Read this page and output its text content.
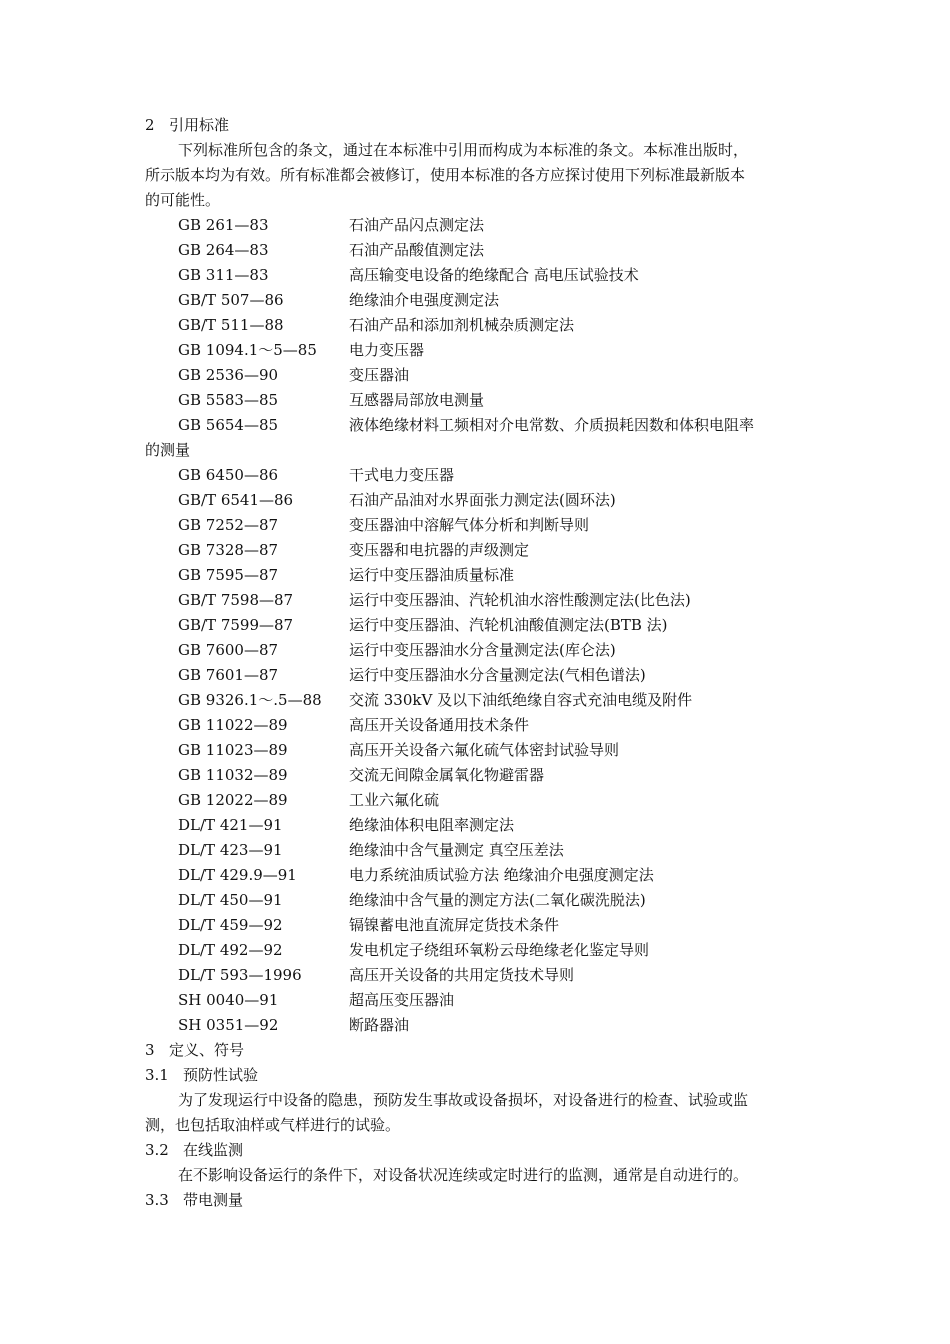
2 引用标准
下列标准所包含的条文，通过在本标准中引用而构成为本标准的条文。本标准出版时，
所示版本均为有效。所有标准都会被修订，使用本标准的各方应探讨使用下列标准最新版本
的可能性。
GB 261—83	石油产品闪点测定法
GB 264—83	石油产品酸值测定法
GB 311—83	高压输变电设备的绝缘配合 高电压试验技术
GB/T 507—86	绝缘油介电强度测定法
GB/T 511—88	石油产品和添加剂机械杂质测定法
GB 1094.1～5—85 电力变压器
GB 2536—90	变压器油
GB 5583—85	互感器局部放电测量
GB 5654—85	液体绝缘材料工频相对介电常数、介质损耗因数和体积电阻率
的测量
GB 6450—86	干式电力变压器
GB/T 6541—86	石油产品油对水界面张力测定法(圆环法)
GB 7252—87	变压器油中溶解气体分析和判断导则
GB 7328—87	变压器和电抗器的声级测定
GB 7595—87	运行中变压器油质量标准
GB/T 7598—87	运行中变压器油、汽轮机油水溶性酸测定法(比色法)
GB/T 7599—87	运行中变压器油、汽轮机油酸值测定法(BTB 法)
GB 7600—87	运行中变压器油水分含量测定法(库仑法)
GB 7601—87	运行中变压器油水分含量测定法(气相色谱法)
GB 9326.1～.5—88 交流 330kV 及以下油纸绝缘自容式充油电缆及附件
GB 11022—89	高压开关设备通用技术条件
GB 11023—89	高压开关设备六氟化硫气体密封试验导则
GB 11032—89	交流无间隙金属氧化物避雷器
GB 12022—89	工业六氟化硫
DL/T 421—91	绝缘油体积电阻率测定法
DL/T 423—91	绝缘油中含气量测定 真空压差法
DL/T 429.9—91	电力系统油质试验方法 绝缘油介电强度测定法
DL/T 450—91	绝缘油中含气量的测定方法(二氧化碳洗脱法)
DL/T 459—92	镉镍蓄电池直流屏定货技术条件
DL/T 492—92	发电机定子绕组环氧粉云母绝缘老化鉴定导则
DL/T 593—1996	高压开关设备的共用定货技术导则
SH 0040—91	超高压变压器油
SH 0351—92	断路器油
3 定义、符号
3.1 预防性试验
为了发现运行中设备的隐患，预防发生事故或设备损坏，对设备进行的检查、试验或监
测，也包括取油样或气样进行的试验。
3.2 在线监测
在不影响设备运行的条件下，对设备状况连续或定时进行的监测，通常是自动进行的。
3.3 带电测量
